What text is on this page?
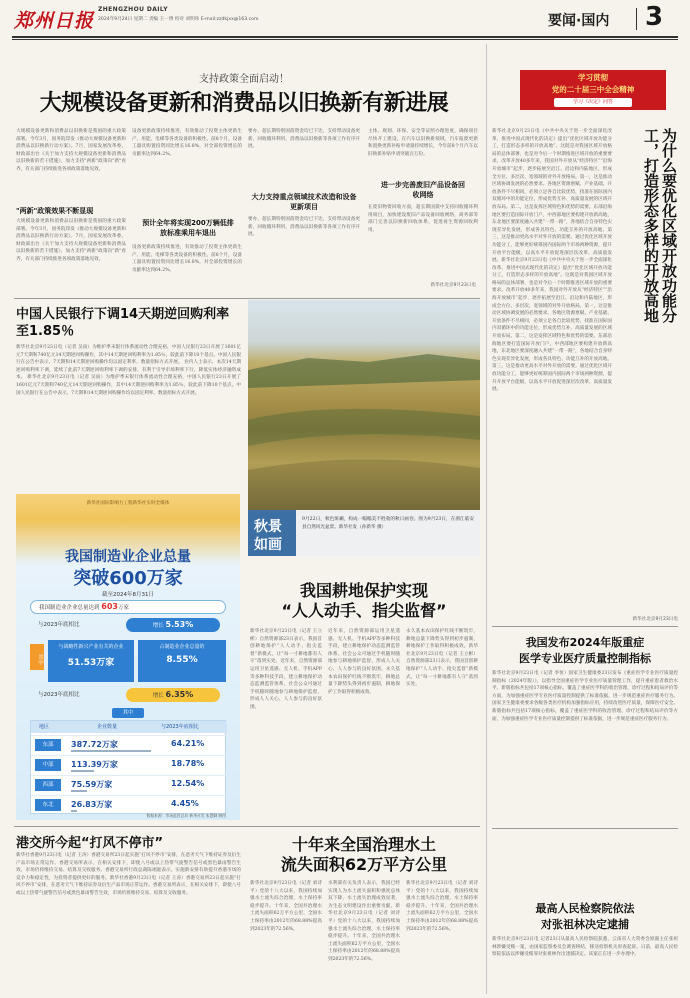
郑州日报
ZHENGZHOU DAILY
2024年9月24日 星期二 责编 王一博 校对 刘明珍 E-mail:zzdkjxx@163.com	要闻·国内 3
支持政策全面启动！
大规模设备更新和消费品以旧换新有新进展
大规模设备更新和消费品以旧换新是我国的重大政策部署。今年3月，国务院印发《推动大规模设备更新和消费品以旧换新行动方案》。7月，国家发展改革委、财政部出台《关于加力支持大规模设备更新和消费品以旧换新的若干措施》，加力支持"两新"政策向"新"看齐，有关部门持续推进各项政策落地见效。
"两新"政策效果不断显现
大规模设备更新和消费品以旧换新是我国的重大政策部署。今年3月，国务院印发《推动大规模设备更新和消费品以旧换新行动方案》。7月，国家发展改革委、财政部出台《关于加力支持大规模设备更新和消费品以旧换新的若干措施》，加力支持"两新"政策向"新"看齐，有关部门持续推进各项政策落地见效。
设备更新政策持续推进，有效推动了投资主体更新生产、用能、电梯等各类设备的积极性。前8个月，设备工器具购置投资同比增长16.8%，对全部投资增长的贡献率达到64.2%。
预计全年将实现200万辆低排放标准乘用车退出
设备更新政策持续推进，有效推动了投资主体更新生产、用能、电梯等各类设备的积极性。前8个月，设备工器具购置投资同比增长16.8%，对全部投资增长的贡献率达到64.2%。
要办，超长期特别国债资金均已下达，支持带动设备更新、回收循环利用、消费品以旧换新等各项工作有序开展。
大力支持重点领域技术改造和设备更新项目
要办，超长期特别国债资金均已下达，支持带动设备更新、回收循环利用、消费品以旧换新等各项工作有序开展。
主体、规划、环保、安全等证照办理进度，确保项目尽快开工建设。在汽车以旧换新领域，汽车报废更新和置换更新补贴申请量持续增长，今年前8个月汽车以旧换新补贴申请突破百万份。
进一步完善废旧产品设备回收网络
在废旧物资回收方面，超长期国债中支持回收循环利用项目，加快建设废旧产品设备回收网络，商务部等部门完善以旧换新回收体系，促进再生资源回收利用。
新华社北京9月23日电
中国人民银行下调14天期逆回购利率至1.85％
新华社北京9月23日电（记者 吴雨）为维护季末银行体系流动性合理充裕，中国人民银行23日开展了1601亿元7天期和740亿元14天期逆回购操作，其中14天期逆回购利率为1.85％，较此前下降10个基点。中国人民银行在公告中表示，7天期和14天期逆回购操作均以固定利率、数量招标方式开展。 业内人士表示，本次14天期逆回购利率下调，延续了此前7天期逆回购利率下调的安排，有利于引导市场利率下行，降低实体经济融资成本。 新华社北京9月23日电（记者 吴雨）为维护季末银行体系流动性合理充裕，中国人民银行23日开展了1601亿元7天期和740亿元14天期逆回购操作，其中14天期逆回购利率为1.85％，较此前下降10个基点。中国人民银行在公告中表示，7天期和14天期逆回购操作均以固定利率、数量招标方式开展。
秋景
如画
9月22日，秋色斑斓，构成一幅幅美不胜收的秋日画卷。图为9月23日，在浙江临安县自然风光盆景。新华社发（孙新华 摄）
新华社国际影响力工程新华社实时全媒体
我国制造业企业总量
突破600万家
截至2024年8月31日
我国制造业企业总量达到 603万家
与2023年底相比	增长 5.53%
其中
与战略性新兴产业有关的企业
51.53万家
占制造业企业总量的
8.55%
与2023年底相比	增长 6.35%
其中
地区	企业数量	与2023年底相比
东部	387.72万家	64.21%
中部	113.39万家	18.78%
西部	75.59万家	12.54%
东北	26.83万家	4.45%
数据来源：市场监管总局 新华社发 朱慧卿 制图
我国耕地保护实现
“人人动手、指尖监督”
新华社北京9月23日电（记者 王立彬）自然资源部23日表示，我国首创耕地保护“人人动手、指尖监督”新模式，让“每一寸耕地都有人守”落到实处。近年来，自然资源部运用卫星遥感、无人机、手机APP等多种科技手段，建立耕地保护动态监测监管体系，社会公众可通过手机随时随地参与耕地保护监督，形成人人关心、人人参与的良好氛围。
近年来，自然资源部运用卫星遥感、无人机、手机APP等多种科技手段，建立耕地保护动态监测监管体系，社会公众可通过手机随时随地参与耕地保护监督，形成人人关心、人人参与的良好氛围。永久基本农田保护红线不断筑牢，耕地总量下降势头得到初步遏制，耕地保护工作取得积极成效。
永久基本农田保护红线不断筑牢，耕地总量下降势头得到初步遏制，耕地保护工作取得积极成效。新华社北京9月23日电（记者 王立彬）自然资源部23日表示，我国首创耕地保护“人人动手、指尖监督”新模式，让“每一寸耕地都有人守”落到实处。
港交所今起“打风不停市”
新华社香港9月23日电（记者 王涛）香港交易所23日起实施“打风不停市”安排，在恶劣天气下维持证券及衍生产品市场正常运作。香港交易所表示，在相关安排下，即使八号或以上热带气旋警告信号或黑色暴雨警告生效，市场仍将维持交易、结算及交收服务。香港交易所行政总裁陈翊庭表示，实施新安排有助提升香港市场的竞争力和稳定性，为投资者提供更好的服务。新华社香港9月23日电（记者 王涛）香港交易所23日起实施“打风不停市”安排，在恶劣天气下维持证券及衍生产品市场正常运作。香港交易所表示，在相关安排下，即使八号或以上热带气旋警告信号或黑色暴雨警告生效，市场仍将维持交易、结算及交收服务。
十年来全国治理水土
流失面积62万平方公里
新华社北京9月23日电（记者 刘诗平）党的十八大以来，我国持续加强水土流失综合治理，水土保持率稳步提升。十年来，全国共治理水土流失面积62万平方公里，全国水土保持率由2012年的68.88%提高到2023年的72.56%。
水利部有关负责人表示，我国已经实现人为水土流失面积和强度总体双下降，水土流失治理成效显著，为生态文明建设作出重要贡献。新华社北京9月23日电（记者 刘诗平）党的十八大以来，我国持续加强水土流失综合治理，水土保持率稳步提升。十年来，全国共治理水土流失面积62万平方公里，全国水土保持率由2012年的68.88%提高到2023年的72.56%。
新华社北京9月23日电（记者 刘诗平）党的十八大以来，我国持续加强水土流失综合治理，水土保持率稳步提升。十年来，全国共治理水土流失面积62万平方公里，全国水土保持率由2012年的68.88%提高到2023年的72.56%。
学习贯彻
党的二十届三中全会精神
学习《决定》问答
新华社北京9月23日电《中共中央关于进一步全面深化改革、推进中国式现代化的决定》提出“优化区域开放功能分工，打造形态多样的开放高地”。这既是对我国区域开放格局的总体部署，也是对今后一个时期推进区域开放的重要要求。改革开放40多年来，我国对外开放从“经济特区”“沿海开放城市”起步，逐步拓展至沿江、沿边和内陆地区，形成全方位、多层次、宽领域的对外开放格局。第一，这是推动区域协调发展的必然要求。各地区资源禀赋、产业基础、开放条件不尽相同，必须立足各自比较优势，找准在国际国内双循环中的功能定位，形成优势互补、高质量发展的区域开放布局。第二，这是发挥区域特色和优势的需要。东部沿海地区要打造国际开放门户，中西部地区要构建开放新高地，东北地区要深度融入共建“一带一路”，各地结合自身特色实现差异化发展，形成各具特色、功能互补的开放高地。第三，这是推动更高水平对外开放的需要。通过优化区域开放功能分工，能够更好统筹国内国际两个市场两种资源，提升开放平台能级，以高水平开放促进深层次改革、高质量发展。新华社北京9月23日电《中共中央关于进一步全面深化改革、推进中国式现代化的决定》提出“优化区域开放功能分工，打造形态多样的开放高地”。这既是对我国区域开放格局的总体部署，也是对今后一个时期推进区域开放的重要要求。改革开放40多年来，我国对外开放从“经济特区”“沿海开放城市”起步，逐步拓展至沿江、沿边和内陆地区，形成全方位、多层次、宽领域的对外开放格局。第一，这是推动区域协调发展的必然要求。各地区资源禀赋、产业基础、开放条件不尽相同，必须立足各自比较优势，找准在国际国内双循环中的功能定位，形成优势互补、高质量发展的区域开放布局。第二，这是发挥区域特色和优势的需要。东部沿海地区要打造国际开放门户，中西部地区要构建开放新高地，东北地区要深度融入共建“一带一路”，各地结合自身特色实现差异化发展，形成各具特色、功能互补的开放高地。第三，这是推动更高水平对外开放的需要。通过优化区域开放功能分工，能够更好统筹国内国际两个市场两种资源，提升开放平台能级，以高水平开放促进深层次改革、高质量发展。
为什么要优化区域开放功能分工，打造形态多样的开放高地
新华社北京9月23日电
我国发布2024年版重症
医学专业医疗质量控制指标
新华社北京9月23日电（记者 李恒）国家卫生健康委23日发布《重症医学专业医疗质量控制指标（2024年版）》，以指导全国重症医学专业医疗质量管理工作，提升重症患者救治水平。新版指标共包括17项核心指标，覆盖了重症医学科的收治管理、诊疗过程和结局评价等方面，为加强重症医学专业医疗质量控制提供了标准依据，进一步规范重症医疗服务行为。国家卫生健康委要求各级各类医疗机构加强指标应用，持续改进医疗质量，保障医疗安全。新版指标共包括17项核心指标，覆盖了重症医学科的收治管理、诊疗过程和结局评价等方面，为加强重症医学专业医疗质量控制提供了标准依据，进一步规范重症医疗服务行为。
最高人民检察院依法
对张祖林决定逮捕
新华社北京9月23日电 记者23日从最高人民检察院获悉，云南省人大常委会原副主任张祖林涉嫌受贿一案，由国家监察委员会调查终结，移送检察机关审查起诉。日前，最高人民检察院依法以涉嫌受贿罪对张祖林作出逮捕决定。该案正在进一步办理中。
